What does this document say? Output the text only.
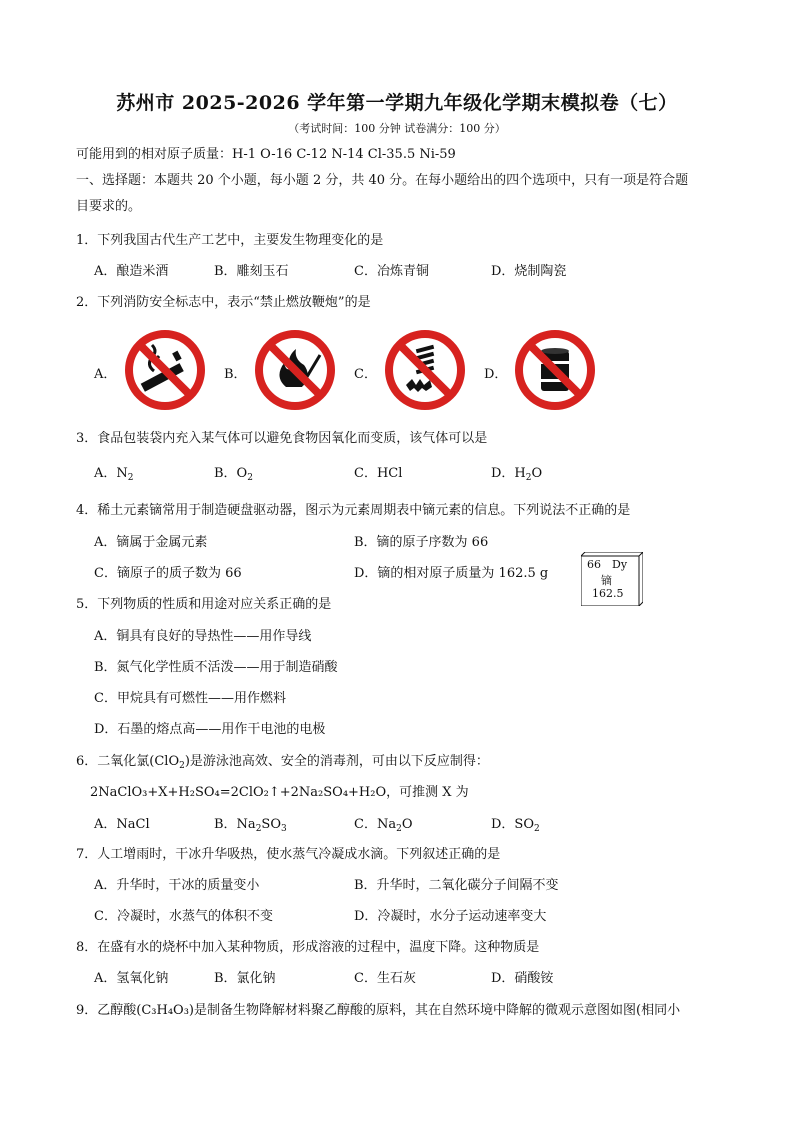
苏州市 2025-2026 学年第一学期九年级化学期末模拟卷（七）
（考试时间：100 分钟 试卷满分：100 分）
可能用到的相对原子质量：H-1 O-16 C-12 N-14 Cl-35.5 Ni-59
一、选择题：本题共 20 个小题，每小题 2 分，共 40 分。在每小题给出的四个选项中，只有一项是符合题
目要求的。
1．下列我国古代生产工艺中，主要发生物理变化的是
A．酿造米酒	B．雕刻玉石	C．冶炼青铜	D．烧制陶瓷
2．下列消防安全标志中，表示“禁止燃放鞭炮”的是
A．	B．	C．	D．
3．食品包装袋内充入某气体可以避免食物因氧化而变质，该气体可以是
A．$N_2$	B．$O_2$	C．HCl	D．$H_2O$
4．稀土元素镝常用于制造硬盘驱动器，图示为元素周期表中镝元素的信息。下列说法不正确的是
A．镝属于金属元素	B．镝的原子序数为 66
C．镝原子的质子数为 66	D．镝的相对原子质量为 162.5 g
66 Dy
镝
162.5
5．下列物质的性质和用途对应关系正确的是
A．铜具有良好的导热性——用作导线
B．氮气化学性质不活泼——用于制造硝酸
C．甲烷具有可燃性——用作燃料
D．石墨的熔点高——用作干电池的电极
6．二氧化氯(ClO$_2$)是游泳池高效、安全的消毒剂，可由以下反应制得：
2NaClO₃+X+H₂SO₄=2ClO₂↑+2Na₂SO₄+H₂O，可推测 X 为
A．NaCl	B．$Na_2SO_3$	C．$Na_2O$	D．$SO_2$
7．人工增雨时，干冰升华吸热，使水蒸气冷凝成水滴。下列叙述正确的是
A．升华时，干冰的质量变小	B．升华时，二氧化碳分子间隔不变
C．冷凝时，水蒸气的体积不变	D．冷凝时，水分子运动速率变大
8．在盛有水的烧杯中加入某种物质，形成溶液的过程中，温度下降。这种物质是
A．氢氧化钠	B．氯化钠	C．生石灰	D．硝酸铵
9．乙醇酸(C₃H₄O₃)是制备生物降解材料聚乙醇酸的原料，其在自然环境中降解的微观示意图如图(相同小
